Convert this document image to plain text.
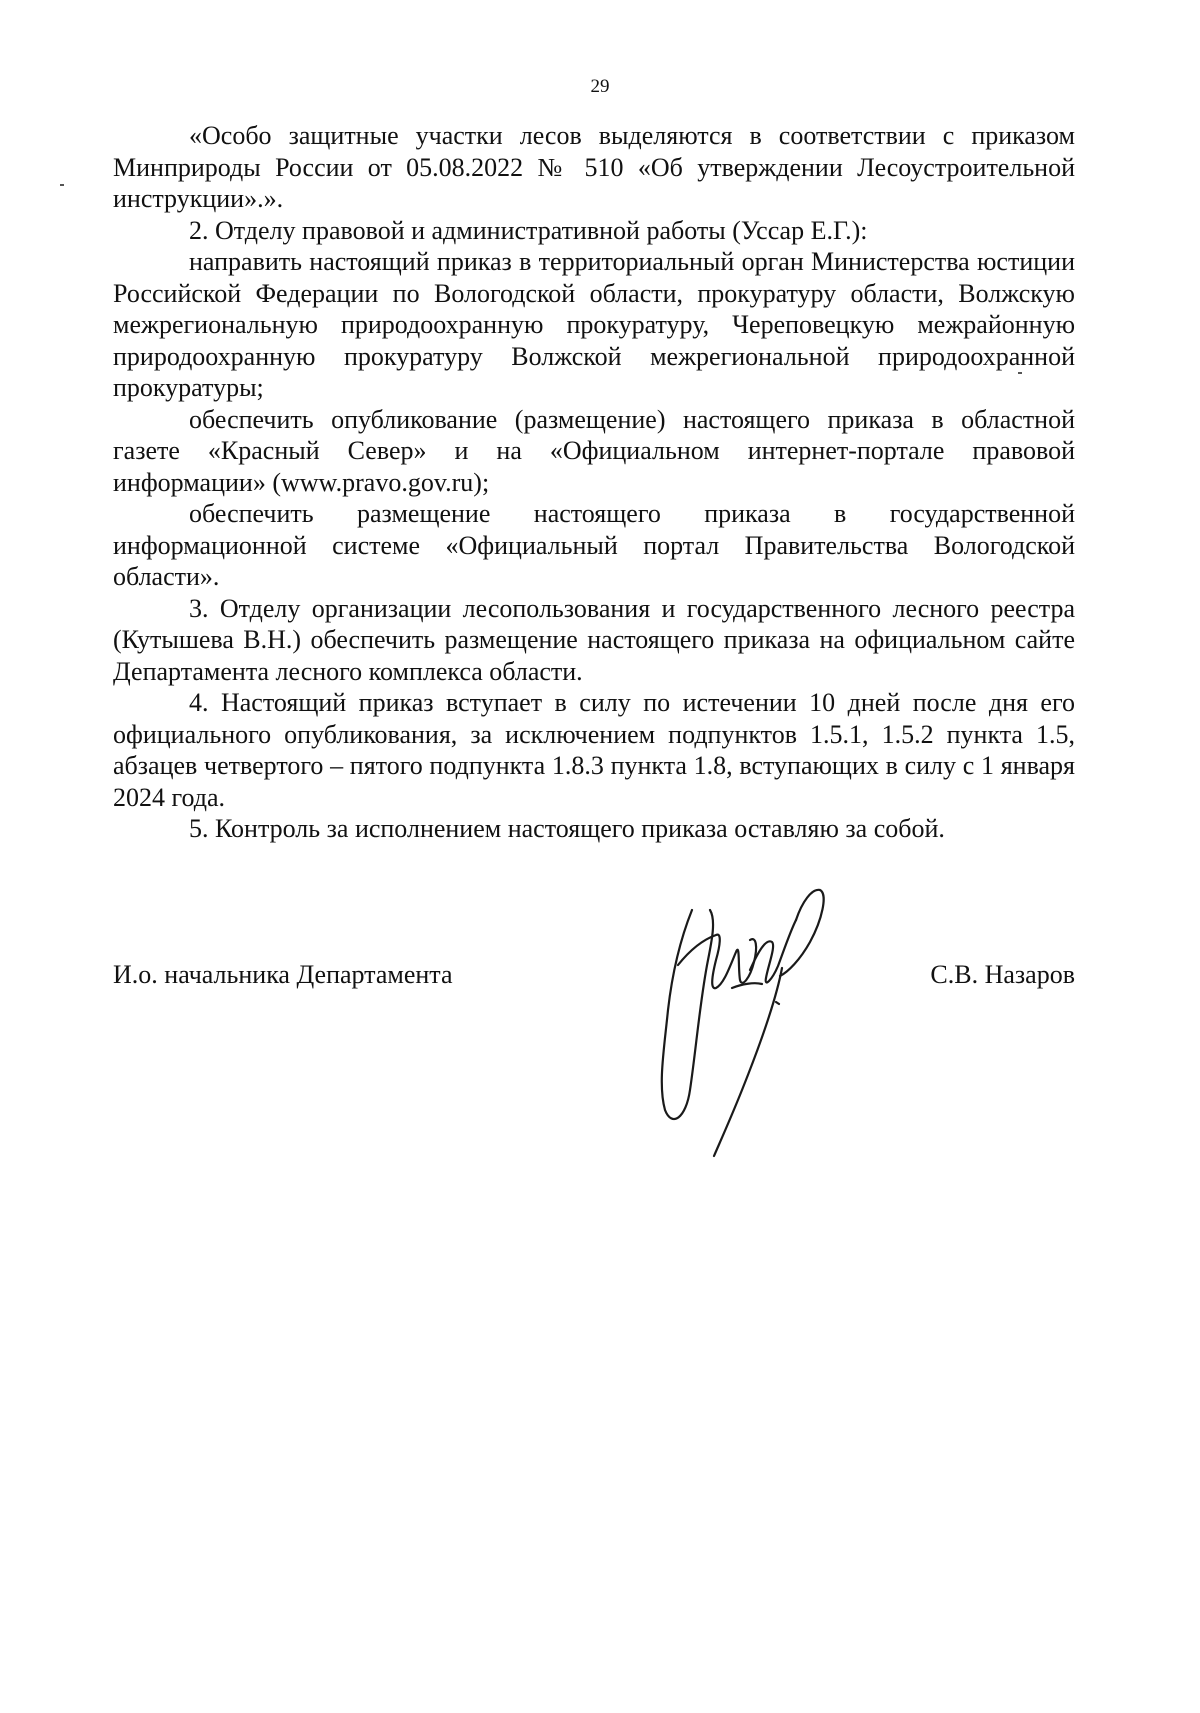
29

«Особо защитные участки лесов выделяются в соответствии с приказом Минприроды России от 05.08.2022 № 510 «Об утверждении Лесоустроительной инструкции».».

2. Отделу правовой и административной работы (Уссар Е.Г.):

направить настоящий приказ в территориальный орган Министерства юстиции Российской Федерации по Вологодской области, прокуратуру области, Волжскую межрегиональную природоохранную прокуратуру, Череповецкую межрайонную природоохранную прокуратуру Волжской межрегиональной природоохранной прокуратуры;

обеспечить опубликование (размещение) настоящего приказа в областной газете «Красный Север» и на «Официальном интернет-портале правовой информации» (www.pravo.gov.ru);

обеспечить размещение настоящего приказа в государственной информационной системе «Официальный портал Правительства Вологодской области».

3. Отделу организации лесопользования и государственного лесного реестра (Кутышева В.Н.) обеспечить размещение настоящего приказа на официальном сайте Департамента лесного комплекса области.

4. Настоящий приказ вступает в силу по истечении 10 дней после дня его официального опубликования, за исключением подпунктов 1.5.1, 1.5.2 пункта 1.5, абзацев четвертого – пятого подпункта 1.8.3 пункта 1.8, вступающих в силу с 1 января 2024 года.

5. Контроль за исполнением настоящего приказа оставляю за собой.

И.о. начальника Департамента	С.В. Назаров
